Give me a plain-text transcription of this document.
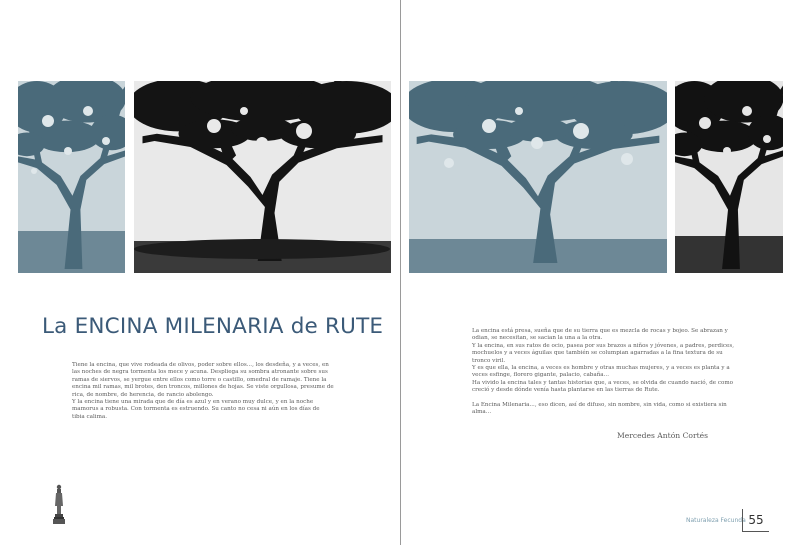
La ENCINA MILENARIA de RUTE

Tiene la encina, que vive rodeada de olivos, poder sobre ellos..., los desdeña, y a veces, en las noches de negra tormenta los mece y acuna. Despliega su sombra atronante sobre sus ramas de siervos, se yergue entre ellos como torre o castillo, omedral de ramaje. Tiene la encina mil ramas, mil brotes, den troncos, millones de hojas. Se viste orgullosa, presume de rica, de nombre, de herencia, de rancio abolengo.

Y la encina tiene una mirada que de día es azul y en verano muy dulce, y en la noche mamorus a robusta. Con tormenta es estruendo. Su canto no cesa ni aún en los días de tibia calima.

La encina está presa, sueña que de su tierra que es mezcla de rocas y bojeo. Se abrazan y odian, se necesitan, se sacian la una a la otra.

Y la encina, en sus ratos de ocio, pasea por sus brazos a niños y jóvenes, a padres, perdices, mochuelos y a veces águilas que también se columpian agarradas a la fina textura de su tronco viril.

Y es que ella, la encina, a veces es hombre y otras muchas mujeres, y a veces es planta y a veces esfinge, florero gigante, palacio, cabaña...

Ha vivido la encina tales y tantas historias que, a veces, se olvida de cuando nació, de como creció y desde dónde venía hasta plantarse en las tierras de Rute.

La Encina Milenaria..., eso dicen, así de difuso, sin nombre, sin vida, como si existiera sin alma...

Mercedes Antón Cortés
Naturaleza Fecunda 55
